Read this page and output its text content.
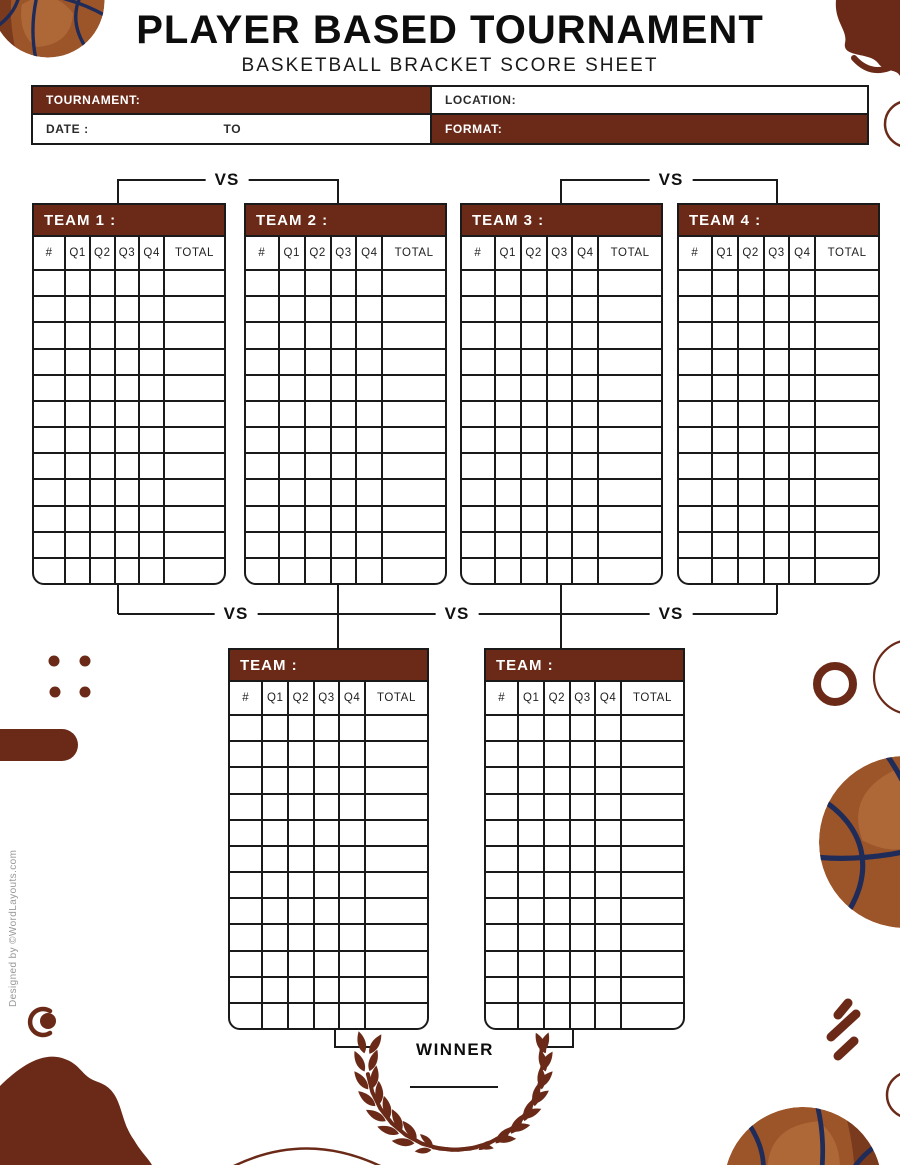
PLAYER BASED TOURNAMENT
BASKETBALL BRACKET SCORE SHEET
TOURNAMENT:	LOCATION:
DATE :	TO	FORMAT:
VS	VS
VS	VS	VS
TEAM 1 :
#	Q1 Q2 Q3 Q4	TOTAL
TEAM 2 :
#	Q1 Q2 Q3 Q4	TOTAL
TEAM 3 :
#	Q1 Q2 Q3 Q4	TOTAL
TEAM 4 :
#	Q1 Q2 Q3 Q4	TOTAL
TEAM :
#	Q1 Q2 Q3 Q4	TOTAL
TEAM :
#	Q1 Q2 Q3 Q4	TOTAL
WINNER
Designed by ©WordLayouts.com
